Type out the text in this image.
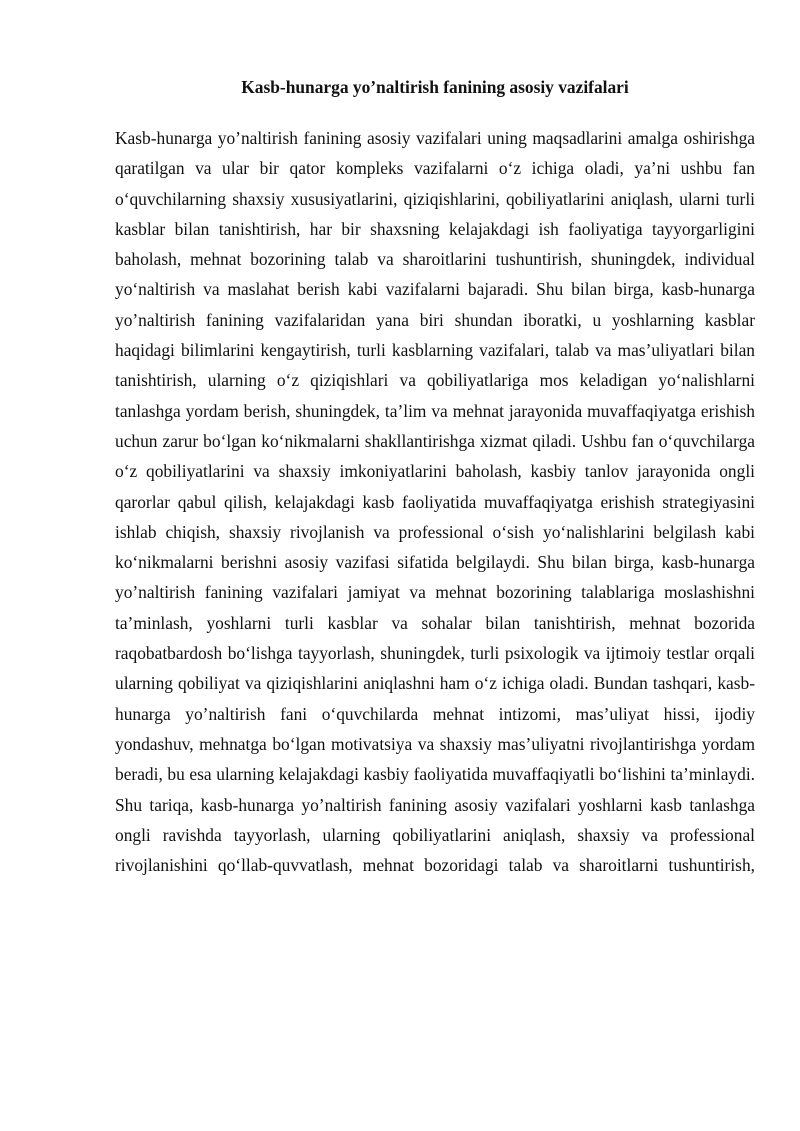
Kasb-hunarga yo’naltirish fanining asosiy vazifalari

Kasb-hunarga yo’naltirish fanining asosiy vazifalari uning maqsadlarini amalga oshirishga qaratilgan va ular bir qator kompleks vazifalarni o‘z ichiga oladi, ya’ni ushbu fan o‘quvchilarning shaxsiy xususiyatlarini, qiziqishlarini, qobiliyatlarini aniqlash, ularni turli kasblar bilan tanishtirish, har bir shaxsning kelajakdagi ish faoliyatiga tayyorgarligini baholash, mehnat bozorining talab va sharoitlarini tushuntirish, shuningdek, individual yo‘naltirish va maslahat berish kabi vazifalarni bajaradi. Shu bilan birga, kasb-hunarga yo’naltirish fanining vazifalaridan yana biri shundan iboratki, u yoshlarning kasblar haqidagi bilimlarini kengaytirish, turli kasblarning vazifalari, talab va mas’uliyatlari bilan tanishtirish, ularning o‘z qiziqishlari va qobiliyatlariga mos keladigan yo‘nalishlarni tanlashga yordam berish, shuningdek, ta’lim va mehnat jarayonida muvaffaqiyatga erishish uchun zarur bo‘lgan ko‘nikmalarni shakllantirishga xizmat qiladi. Ushbu fan o‘quvchilarga o‘z qobiliyatlarini va shaxsiy imkoniyatlarini baholash, kasbiy tanlov jarayonida ongli qarorlar qabul qilish, kelajakdagi kasb faoliyatida muvaffaqiyatga erishish strategiyasini ishlab chiqish, shaxsiy rivojlanish va professional o‘sish yo‘nalishlarini belgilash kabi ko‘nikmalarni berishni asosiy vazifasi sifatida belgilaydi. Shu bilan birga, kasb-hunarga yo’naltirish fanining vazifalari jamiyat va mehnat bozorining talablariga moslashishni ta’minlash, yoshlarni turli kasblar va sohalar bilan tanishtirish, mehnat bozorida raqobatbardosh bo‘lishga tayyorlash, shuningdek, turli psixologik va ijtimoiy testlar orqali ularning qobiliyat va qiziqishlarini aniqlashni ham o‘z ichiga oladi. Bundan tashqari, kasb-hunarga yo’naltirish fani o‘quvchilarda mehnat intizomi, mas’uliyat hissi, ijodiy yondashuv, mehnatga bo‘lgan motivatsiya va shaxsiy mas’uliyatni rivojlantirishga yordam beradi, bu esa ularning kelajakdagi kasbiy faoliyatida muvaffaqiyatli bo‘lishini ta’minlaydi. Shu tariqa, kasb-hunarga yo’naltirish fanining asosiy vazifalari yoshlarni kasb tanlashga ongli ravishda tayyorlash, ularning qobiliyatlarini aniqlash, shaxsiy va professional rivojlanishini qo‘llab-quvvatlash, mehnat bozoridagi talab va sharoitlarni tushuntirish,
